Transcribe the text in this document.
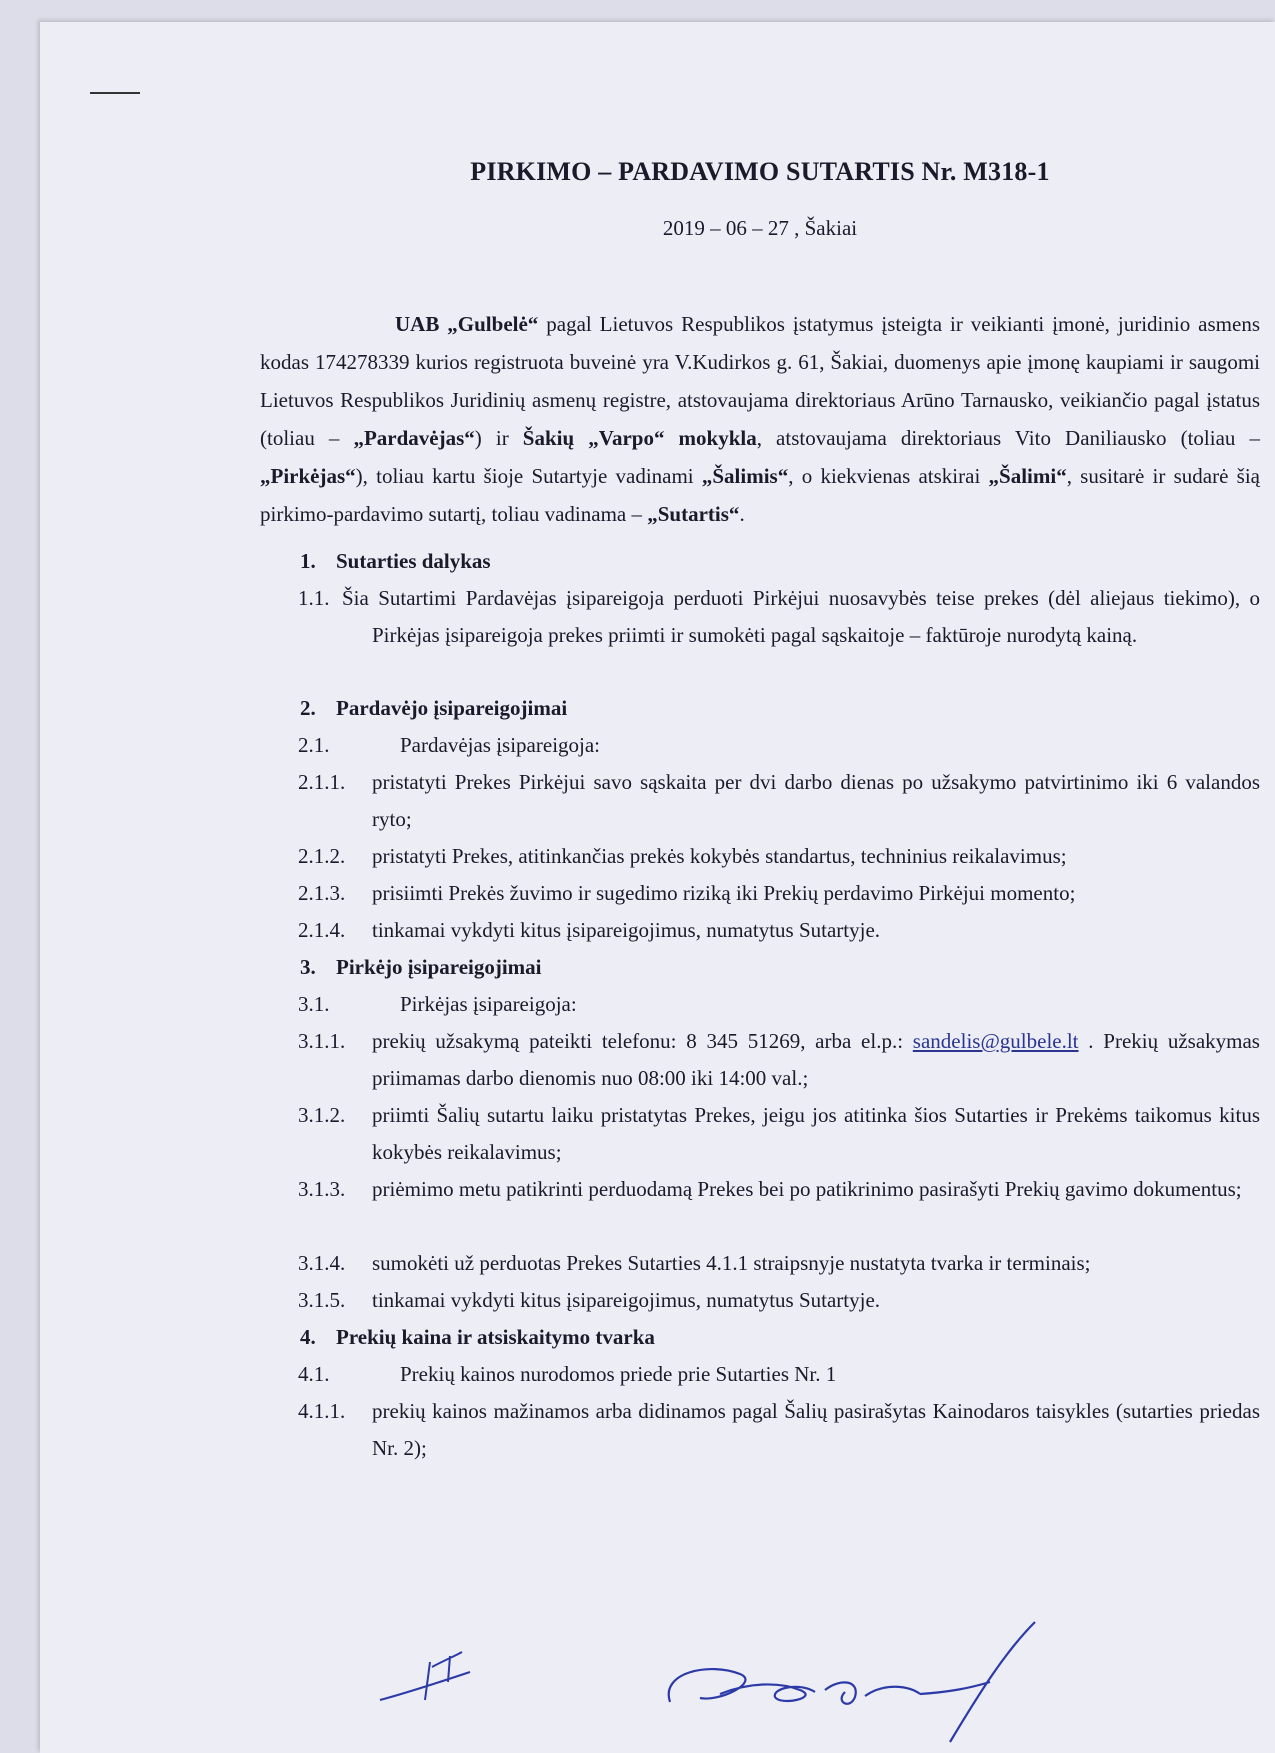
PIRKIMO – PARDAVIMO SUTARTIS Nr. M318-1
2019 – 06 – 27 , Šakiai
UAB „Gulbelė“ pagal Lietuvos Respublikos įstatymus įsteigta ir veikianti įmonė, juridinio asmens kodas 174278339 kurios registruota buveinė yra V.Kudirkos g. 61, Šakiai, duomenys apie įmonę kaupiami ir saugomi Lietuvos Respublikos Juridinių asmenų registre, atstovaujama direktoriaus Arūno Tarnausko, veikiančio pagal įstatus (toliau – „Pardavėjas“) ir Šakių „Varpo“ mokykla, atstovaujama direktoriaus Vito Daniliausko (toliau – „Pirkėjas“), toliau kartu šioje Sutartyje vadinami „Šalimis“, o kiekvienas atskirai „Šalimi“, susitarė ir sudarė šią pirkimo-pardavimo sutartį, toliau vadinama – „Sutartis“.
1. Sutarties dalykas
1.1. Šia Sutartimi Pardavėjas įsipareigoja perduoti Pirkėjui nuosavybės teise prekes (dėl aliejaus tiekimo), o Pirkėjas įsipareigoja prekes priimti ir sumokėti pagal sąskaitoje – faktūroje nurodytą kainą.
2. Pardavėjo įsipareigojimai
2.1.	Pardavėjas įsipareigoja:
2.1.1. pristatyti Prekes Pirkėjui savo sąskaita per dvi darbo dienas po užsakymo patvirtinimo iki 6 valandos ryto;
2.1.2. pristatyti Prekes, atitinkančias prekės kokybės standartus, techninius reikalavimus;
2.1.3. prisiimti Prekės žuvimo ir sugedimo riziką iki Prekių perdavimo Pirkėjui momento;
2.1.4. tinkamai vykdyti kitus įsipareigojimus, numatytus Sutartyje.
3. Pirkėjo įsipareigojimai
3.1.	Pirkėjas įsipareigoja:
3.1.1. prekių užsakymą pateikti telefonu: 8 345 51269, arba el.p.: sandelis@gulbele.lt . Prekių užsakymas priimamas darbo dienomis nuo 08:00 iki 14:00 val.;
3.1.2. priimti Šalių sutartu laiku pristatytas Prekes, jeigu jos atitinka šios Sutarties ir Prekėms taikomus kitus kokybės reikalavimus;
3.1.3. priėmimo metu patikrinti perduodamą Prekes bei po patikrinimo pasirašyti Prekių gavimo dokumentus;
3.1.4. sumokėti už perduotas Prekes Sutarties 4.1.1 straipsnyje nustatyta tvarka ir terminais;
3.1.5. tinkamai vykdyti kitus įsipareigojimus, numatytus Sutartyje.
4. Prekių kaina ir atsiskaitymo tvarka
4.1.	Prekių kainos nurodomos priede prie Sutarties Nr. 1
4.1.1. prekių kainos mažinamos arba didinamos pagal Šalių pasirašytas Kainodaros taisykles (sutarties priedas Nr. 2);
